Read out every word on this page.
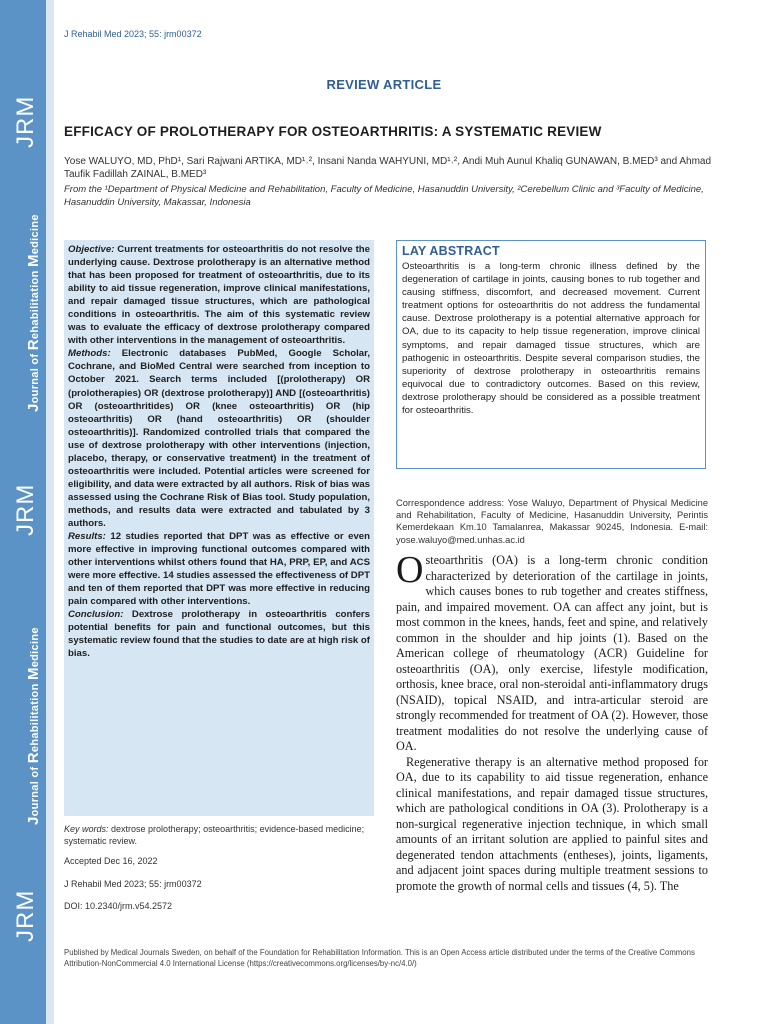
JRM
Journal of Rehabilitation Medicine
JRM
Journal of Rehabilitation Medicine
JRM
J Rehabil Med 2023; 55: jrm00372
REVIEW ARTICLE
EFFICACY OF PROLOTHERAPY FOR OSTEOARTHRITIS: A SYSTEMATIC REVIEW
Yose WALUYO, MD, PhD¹, Sari Rajwani ARTIKA, MD¹˒², Insani Nanda WAHYUNI, MD¹˒², Andi Muh Aunul Khaliq GUNAWAN, B.MED³ and Ahmad Taufik Fadillah ZAINAL, B.MED³
From the ¹Department of Physical Medicine and Rehabilitation, Faculty of Medicine, Hasanuddin University, ²Cerebellum Clinic and ³Faculty of Medicine, Hasanuddin University, Makassar, Indonesia

Objective: Current treatments for osteoarthritis do not resolve the underlying cause. Dextrose prolotherapy is an alternative method that has been proposed for treatment of osteoarthritis, due to its ability to aid tissue regeneration, improve clinical manifestations, and repair damaged tissue structures, which are pathological conditions in osteoarthritis. The aim of this systematic review was to evaluate the efficacy of dextrose prolotherapy compared with other interventions in the management of osteoarthritis.

Methods: Electronic databases PubMed, Google Scholar, Cochrane, and BioMed Central were searched from inception to October 2021. Search terms included [(prolotherapy) OR (prolotherapies) OR (dextrose prolotherapy)] AND [(osteoarthritis) OR (osteoarthritides) OR (knee osteoarthritis) OR (hip osteoarthritis) OR (hand osteoarthritis) OR (shoulder osteoarthritis)]. Randomized controlled trials that compared the use of dextrose prolotherapy with other interventions (injection, placebo, therapy, or conservative treatment) in the treatment of osteoarthritis were included. Potential articles were screened for eligibility, and data were extracted by all authors. Risk of bias was assessed using the Cochrane Risk of Bias tool. Study population, methods, and results data were extracted and tabulated by 3 authors.

Results: 12 studies reported that DPT was as effective or even more effective in improving functional outcomes compared with other interventions whilst others found that HA, PRP, EP, and ACS were more effective. 14 studies assessed the effectiveness of DPT and ten of them reported that DPT was more effective in reducing pain compared with other interventions.

Conclusion: Dextrose prolotherapy in osteoarthritis confers potential benefits for pain and functional outcomes, but this systematic review found that the studies to date are at high risk of bias.

Key words: dextrose prolotherapy; osteoarthritis; evidence-based medicine; systematic review.
Accepted Dec 16, 2022
J Rehabil Med 2023; 55: jrm00372
DOI: 10.2340/jrm.v54.2572
LAY ABSTRACT

Osteoarthritis is a long-term chronic illness defined by the degeneration of cartilage in joints, causing bones to rub together and causing stiffness, discomfort, and decreased movement. Current treatment options for osteoarthritis do not address the fundamental cause. Dextrose prolotherapy is a potential alternative approach for OA, due to its capacity to help tissue regeneration, improve clinical symptoms, and repair damaged tissue structures, which are pathogenic in osteoarthritis. Despite several comparison studies, the superiority of dextrose prolotherapy in osteoarthritis remains equivocal due to contradictory outcomes. Based on this review, dextrose prolotherapy should be considered as a possible treatment for osteoarthritis.

Correspondence address: Yose Waluyo, Department of Physical Medicine and Rehabilitation, Faculty of Medicine, Hasanuddin University, Perintis Kemerdekaan Km.10 Tamalanrea, Makassar 90245, Indonesia. E-mail: yose.waluyo@med.unhas.ac.id

Osteoarthritis (OA) is a long-term chronic condition characterized by deterioration of the cartilage in joints, which causes bones to rub together and creates stiffness, pain, and impaired movement. OA can affect any joint, but is most common in the knees, hands, feet and spine, and relatively common in the shoulder and hip joints (1). Based on the American college of rheumatology (ACR) Guideline for osteoarthritis (OA), only exercise, lifestyle modification, orthosis, knee brace, oral non-steroidal anti-inflammatory drugs (NSAID), topical NSAID, and intra-articular steroid are strongly recommended for treatment of OA (2). However, those treatment modalities do not resolve the underlying cause of OA.

Regenerative therapy is an alternative method proposed for OA, due to its capability to aid tissue regeneration, enhance clinical manifestations, and repair damaged tissue structures, which are pathological conditions in OA (3). Prolotherapy is a non-surgical regenerative injection technique, in which small amounts of an irritant solution are applied to painful sites and degenerated tendon attachments (entheses), joints, ligaments, and adjacent joint spaces during multiple treatment sessions to promote the growth of normal cells and tissues (4, 5). The

Published by Medical Journals Sweden, on behalf of the Foundation for Rehabilitation Information. This is an Open Access article distributed under the terms of the Creative Commons Attribution-NonCommercial 4.0 International License (https://creativecommons.org/licenses/by-nc/4.0/)
